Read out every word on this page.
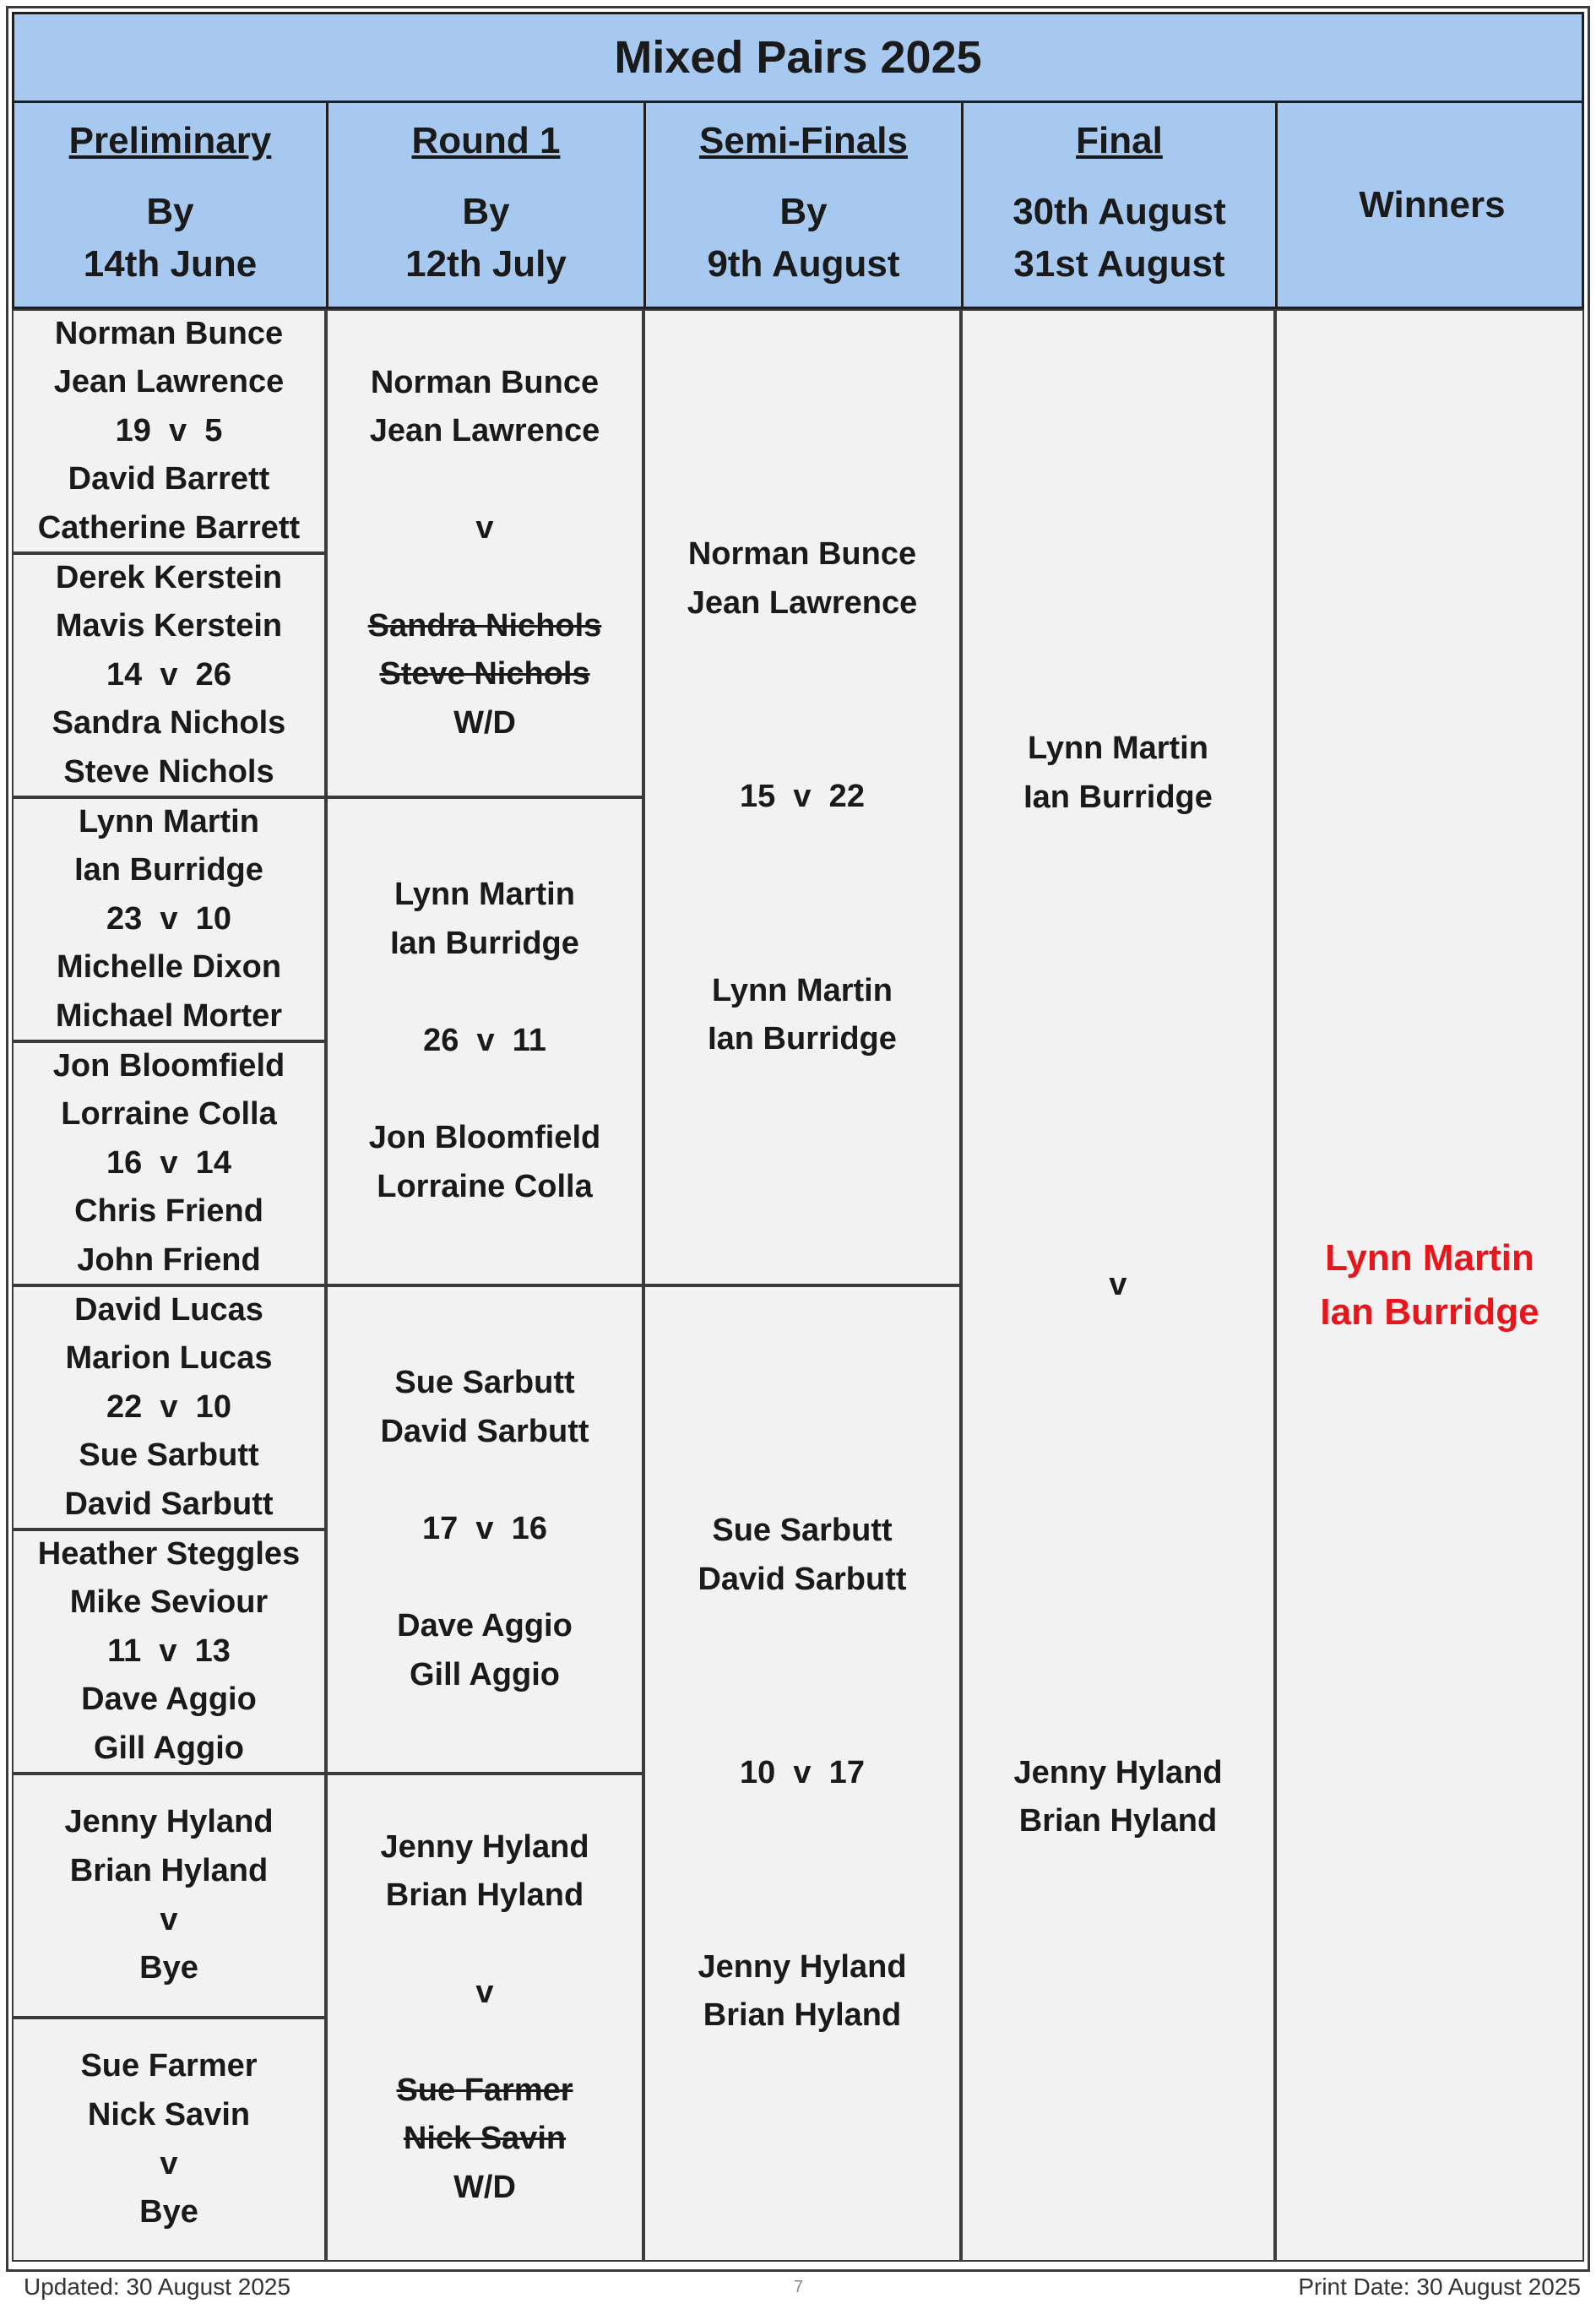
Mixed Pairs 2025
Preliminary
By
14th June
Round 1
By
12th July
Semi-Finals
By
9th August
Final
30th August
31st August
Winners
Norman Bunce
Jean Lawrence
19  v  5
David Barrett
Catherine Barrett
Derek Kerstein
Mavis Kerstein
14  v  26
Sandra Nichols
Steve Nichols
Lynn Martin
Ian Burridge
23  v  10
Michelle Dixon
Michael Morter
Jon Bloomfield
Lorraine Colla
16  v  14
Chris Friend
John Friend
David Lucas
Marion Lucas
22  v  10
Sue Sarbutt
David Sarbutt
Heather Steggles
Mike Seviour
11  v  13
Dave Aggio
Gill Aggio
Jenny Hyland
Brian Hyland
v
Bye
Sue Farmer
Nick Savin
v
Bye
Norman Bunce
Jean Lawrence
v
Sandra Nichols
Steve Nichols
W/D
Lynn Martin
Ian Burridge
26  v  11
Jon Bloomfield
Lorraine Colla
Sue Sarbutt
David Sarbutt
17  v  16
Dave Aggio
Gill Aggio
Jenny Hyland
Brian Hyland
v
Sue Farmer
Nick Savin
W/D
Norman Bunce
Jean Lawrence
15  v  22
Lynn Martin
Ian Burridge
Sue Sarbutt
David Sarbutt
10  v  17
Jenny Hyland
Brian Hyland
Lynn Martin
Ian Burridge
v
Jenny Hyland
Brian Hyland
Lynn Martin
Ian Burridge
Updated: 30 August 2025	7	Print Date: 30 August 2025
